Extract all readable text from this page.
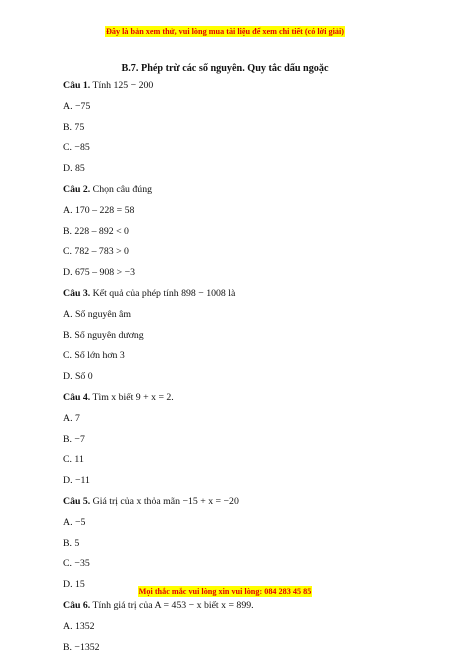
Đây là bản xem thử, vui lòng mua tài liệu để xem chi tiết (có lời giải)
B.7. Phép trừ các số nguyên. Quy tắc dấu ngoặc
Câu 1. Tính 125 − 200
A. −75
B. 75
C. −85
D. 85
Câu 2. Chọn câu đúng
A. 170 – 228 = 58
B. 228 – 892 < 0
C. 782 – 783 > 0
D. 675 – 908 > −3
Câu 3. Kết quả của phép tính 898 − 1008 là
A. Số nguyên âm
B. Số nguyên dương
C. Số lớn hơn 3
D. Số 0
Câu 4. Tìm x biết 9 + x = 2.
A. 7
B. −7
C. 11
D. −11
Câu 5. Giá trị của x thỏa mãn −15 + x = −20
A. −5
B. 5
C. −35
D. 15
Câu 6. Tính giá trị của A = 453 − x biết x = 899.
A. 1352
B. −1352
Mọi thắc mắc vui lòng xin vui lòng: 084 283 45 85
